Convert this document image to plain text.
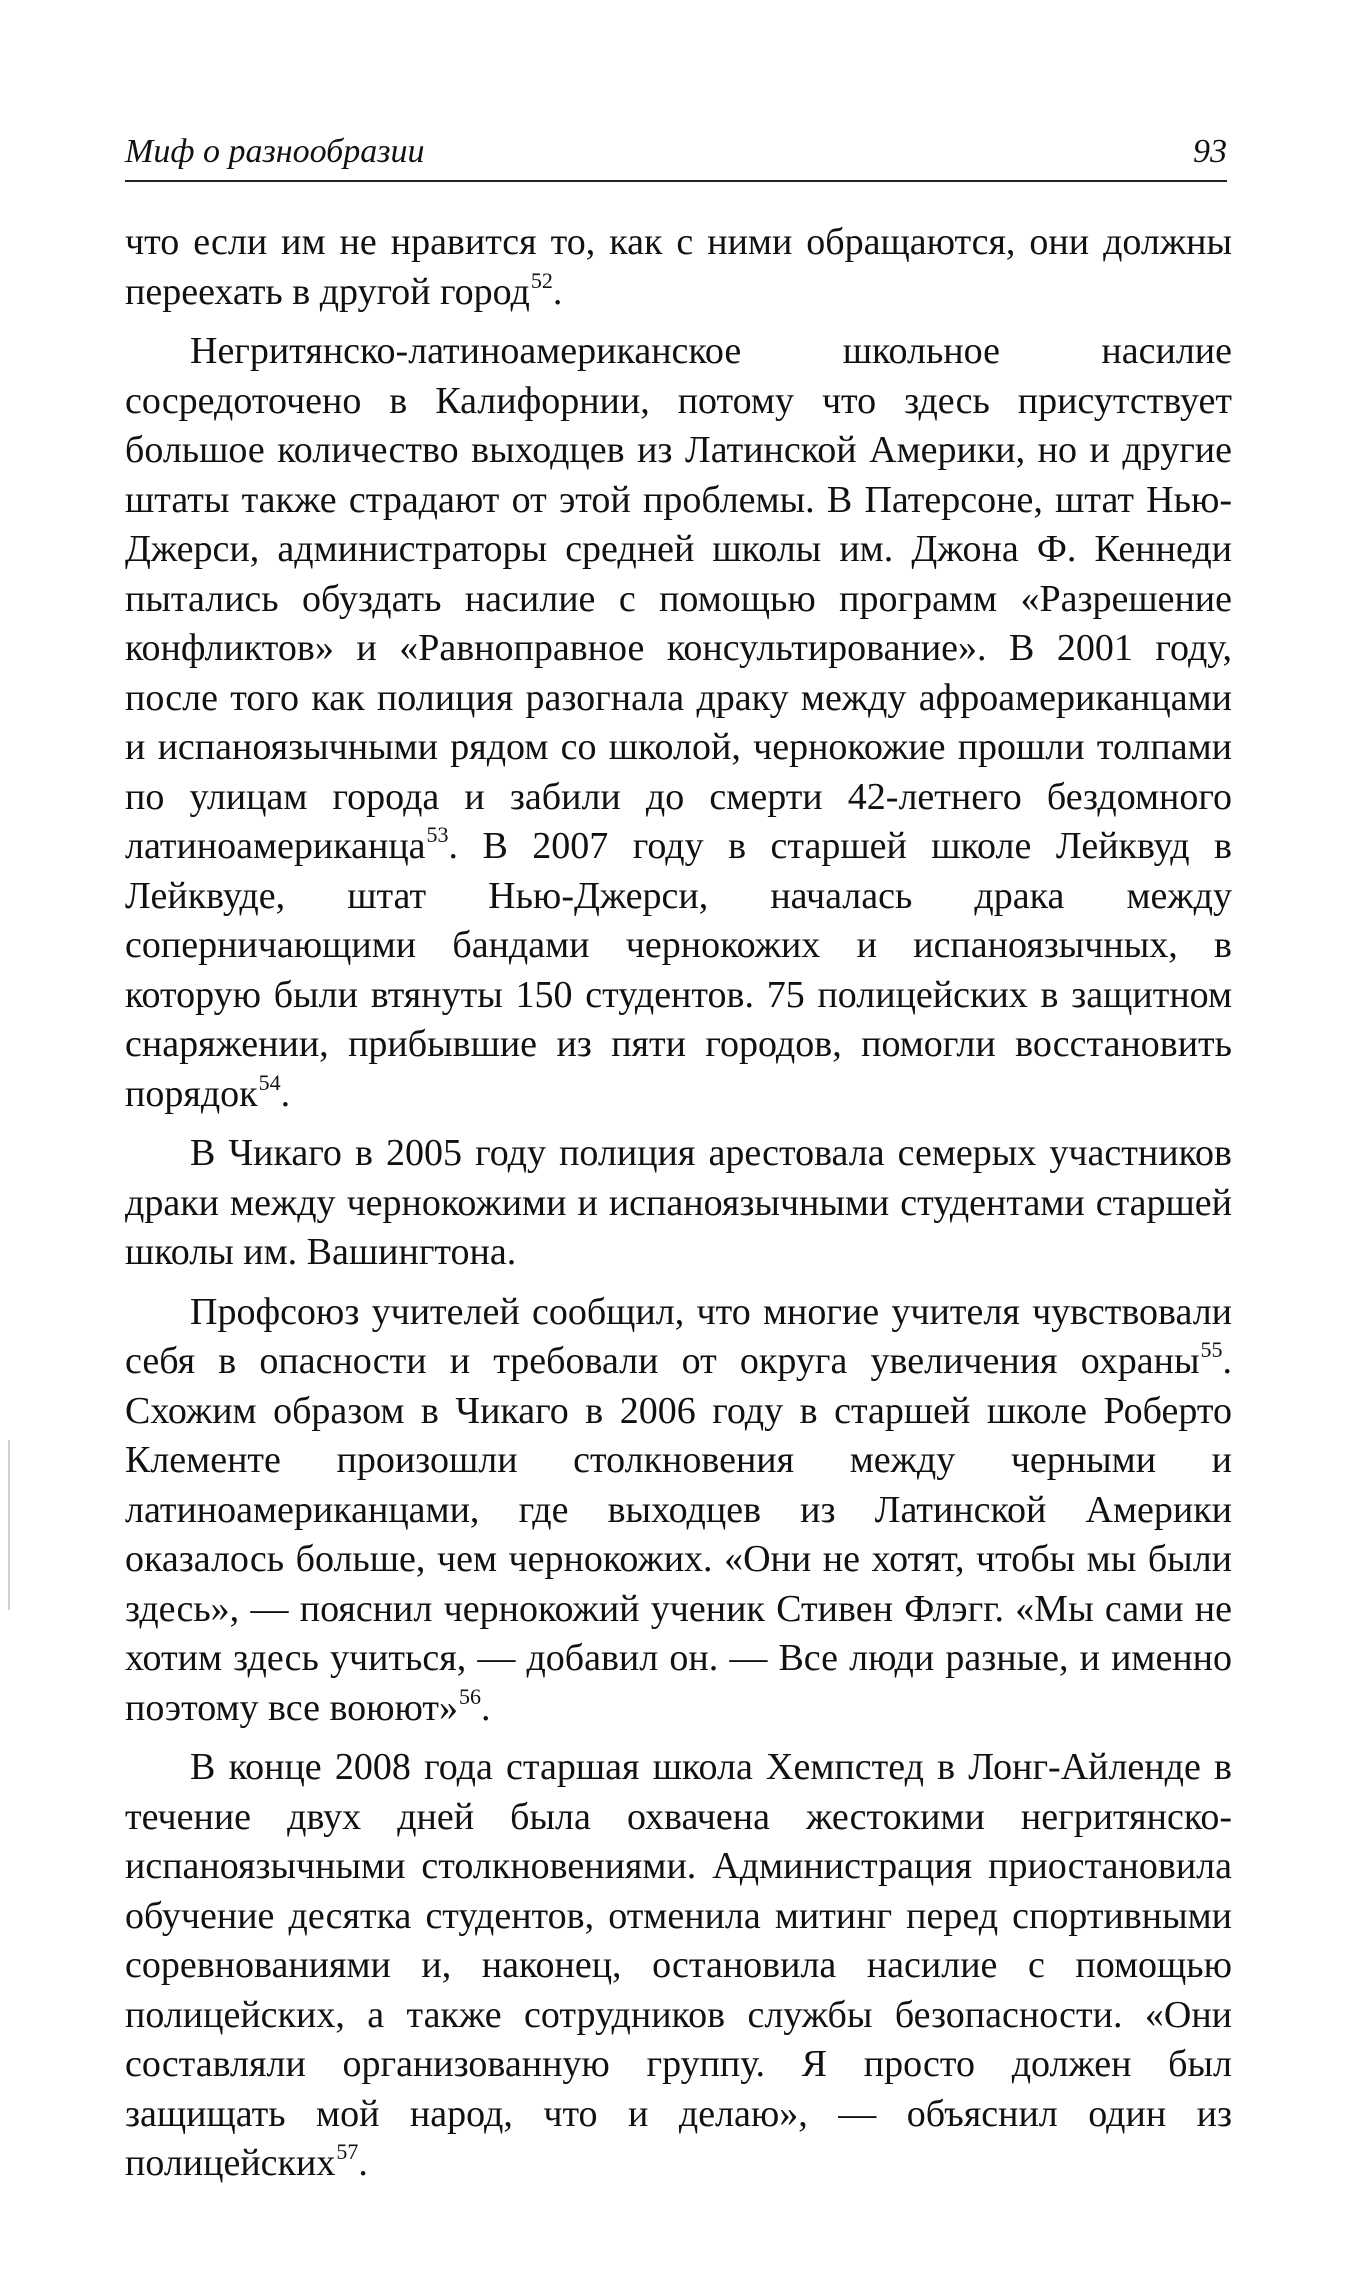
Миф о разнообразии	93

что если им не нравится то, как с ними обращаются, они должны переехать в другой город$^{52}$.

Негритянско-латиноамериканское школьное насилие сосредоточено в Калифорнии, потому что здесь присутствует большое количество выходцев из Латинской Америки, но и другие штаты также страдают от этой проблемы. В Патерсоне, штат Нью-Джерси, администраторы средней школы им. Джона Ф. Кеннеди пытались обуздать насилие с помощью программ «Разрешение конфликтов» и «Равноправное консультирование». В 2001 году, после того как полиция разогнала драку между афроамериканцами и испаноязычными рядом со школой, чернокожие прошли толпами по улицам города и забили до смерти 42-летнего бездомного латиноамериканца$^{53}$. В 2007 году в старшей школе Лейквуд в Лейквуде, штат Нью-Джерси, началась драка между соперничающими бандами чернокожих и испаноязычных, в которую были втянуты 150 студентов. 75 полицейских в защитном снаряжении, прибывшие из пяти городов, помогли восстановить порядок$^{54}$.

В Чикаго в 2005 году полиция арестовала семерых участников драки между чернокожими и испаноязычными студентами старшей школы им. Вашингтона.

Профсоюз учителей сообщил, что многие учителя чувствовали себя в опасности и требовали от округа увеличения охраны$^{55}$. Схожим образом в Чикаго в 2006 году в старшей школе Роберто Клементе произошли столкновения между черными и латиноамериканцами, где выходцев из Латинской Америки оказалось больше, чем чернокожих. «Они не хотят, чтобы мы были здесь», — пояснил чернокожий ученик Стивен Флэгг. «Мы сами не хотим здесь учиться, — добавил он. — Все люди разные, и именно поэтому все воюют»$^{56}$.

В конце 2008 года старшая школа Хемпстед в Лонг-Айленде в течение двух дней была охвачена жестокими негритянско-испаноязычными столкновениями. Администрация приостановила обучение десятка студентов, отменила митинг перед спортивными соревнованиями и, наконец, остановила насилие с помощью полицейских, а также сотрудников службы безопасности. «Они составляли организованную группу. Я просто должен был защищать мой народ, что и делаю», — объяснил один из полицейских$^{57}$.
